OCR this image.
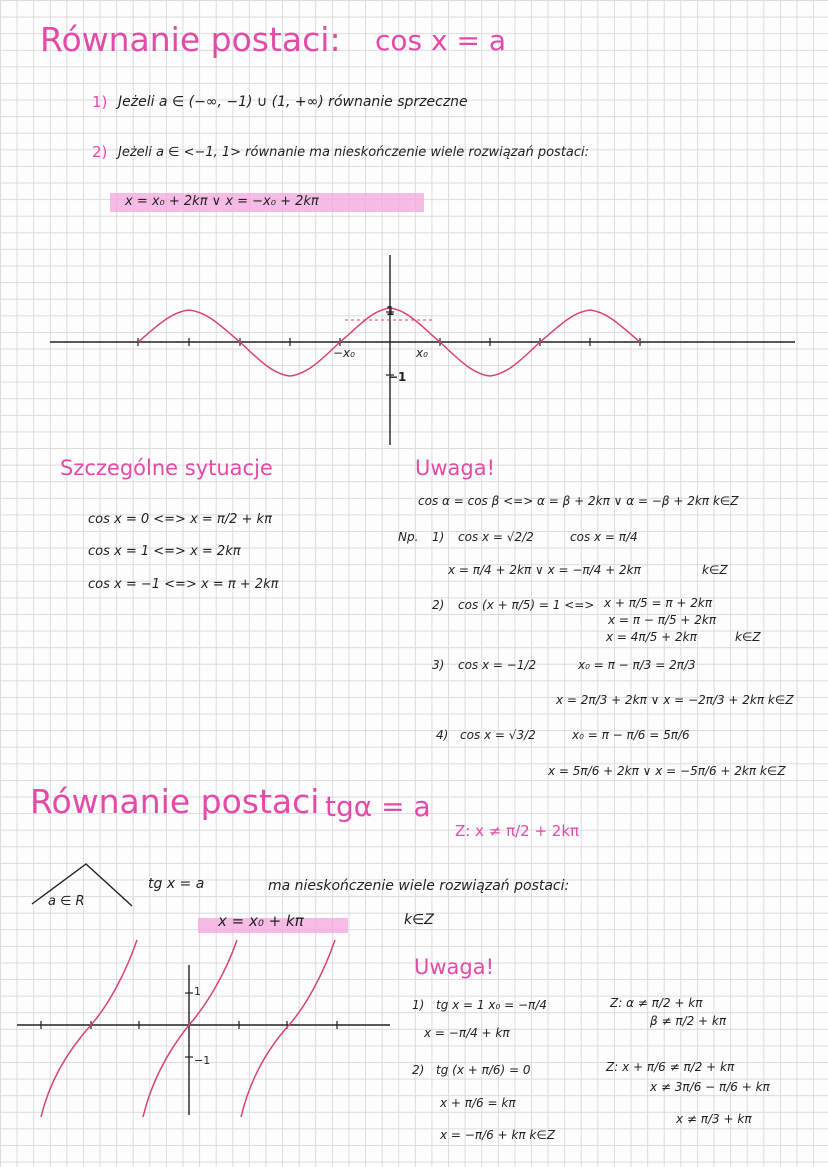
Równanie postaci: cos x = a
1) Jeżeli a ∈ (−∞, −1) ∪ (1, +∞) równanie sprzeczne
2) Jeżeli a ∈ <−1, 1> równanie ma nieskończenie wiele rozwiązań postaci:
x = x₀ + 2kπ ∨ x = −x₀ + 2kπ
1
−1
−x₀	x₀
Szczególne sytuacje
cos x = 0 <=> x = π/2 + kπ
cos x = 1 <=> x = 2kπ
cos x = −1 <=> x = π + 2kπ
Uwaga!
cos α = cos β <=> α = β + 2kπ ∨ α = −β + 2kπ k∈Z
Np. 1) cos x = √2/2	cos x = π/4
x = π/4 + 2kπ ∨ x = −π/4 + 2kπ	k∈Z
2) cos (x + π/5) = 1 <=> x + π/5 = π + 2kπ
x = π − π/5 + 2kπ
x = 4π/5 + 2kπ	k∈Z
3) cos x = −1/2	x₀ = π − π/3 = 2π/3
x = 2π/3 + 2kπ ∨ x = −2π/3 + 2kπ k∈Z
4) cos x = √3/2	x₀ = π − π/6 = 5π/6
x = 5π/6 + 2kπ ∨ x = −5π/6 + 2kπ k∈Z
Równanie postaci tgα = a
Z: x ≠ π/2 + 2kπ
a ∈ R
tg x = a	ma nieskończenie wiele rozwiązań postaci:
x = x₀ + kπ	k∈Z
1
−1
Uwaga!
1) tg x = 1 x₀ = −π/4
x = −π/4 + kπ
Z: α ≠ π/2 + kπ
β ≠ π/2 + kπ
2) tg (x + π/6) = 0
x + π/6 = kπ
x = −π/6 + kπ k∈Z
Z: x + π/6 ≠ π/2 + kπ
x ≠ 3π/6 − π/6 + kπ
x ≠ π/3 + kπ
